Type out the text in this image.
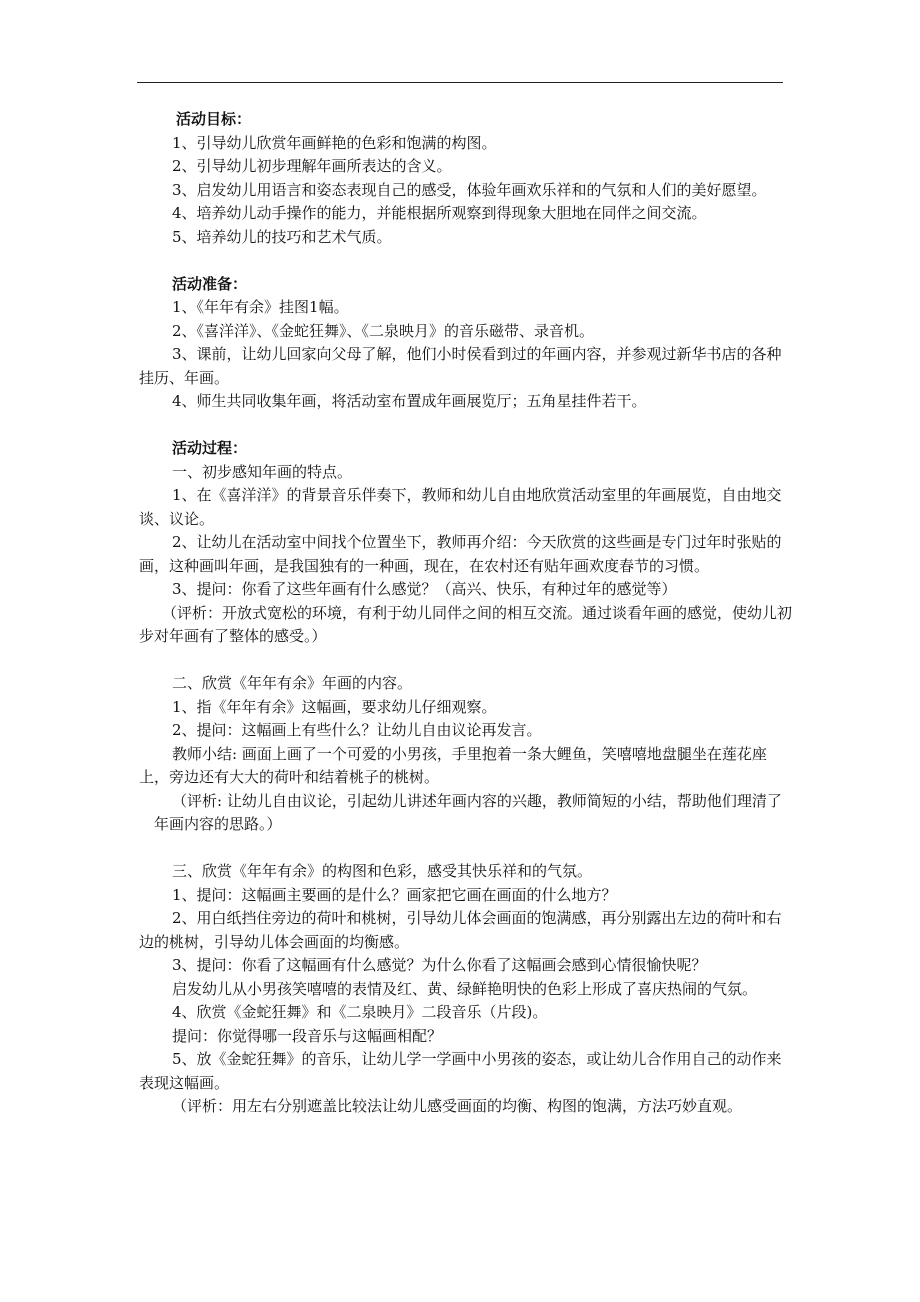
活动目标：

1、引导幼儿欣赏年画鲜艳的色彩和饱满的构图。

2、引导幼儿初步理解年画所表达的含义。

3、启发幼儿用语言和姿态表现自己的感受，体验年画欢乐祥和的气氛和人们的美好愿望。

4、培养幼儿动手操作的能力，并能根据所观察到得现象大胆地在同伴之间交流。

5、培养幼儿的技巧和艺术气质。

活动准备：

1、《年年有余》挂图1幅。

2、《喜洋洋》、《金蛇狂舞》、《二泉映月》的音乐磁带、录音机。

3、课前，让幼儿回家向父母了解，他们小时侯看到过的年画内容，并参观过新华书店的各种挂历、年画。

4、师生共同收集年画，将活动室布置成年画展览厅；五角星挂件若干。

活动过程：

一、初步感知年画的特点。

1、在《喜洋洋》的背景音乐伴奏下，教师和幼儿自由地欣赏活动室里的年画展览，自由地交谈、议论。

2、让幼儿在活动室中间找个位置坐下，教师再介绍：今天欣赏的这些画是专门过年时张贴的画，这种画叫年画，是我国独有的一种画，现在，在农村还有贴年画欢度春节的习惯。

3、提问：你看了这些年画有什么感觉？（高兴、快乐，有种过年的感觉等）

（评析：开放式宽松的环境，有利于幼儿同伴之间的相互交流。通过谈看年画的感觉，使幼儿初步对年画有了整体的感受。）

二、欣赏《年年有余》年画的内容。

1、指《年年有余》这幅画，要求幼儿仔细观察。

2、提问：这幅画上有些什么？让幼儿自由议论再发言。

教师小结: 画面上画了一个可爱的小男孩，手里抱着一条大鲤鱼，笑嘻嘻地盘腿坐在莲花座上，旁边还有大大的荷叶和结着桃子的桃树。

（评析: 让幼儿自由议论，引起幼儿讲述年画内容的兴趣，教师简短的小结，帮助他们理清了年画内容的思路。）

三、欣赏《年年有余》的构图和色彩，感受其快乐祥和的气氛。

1、提问：这幅画主要画的是什么？画家把它画在画面的什么地方？

2、用白纸挡住旁边的荷叶和桃树，引导幼儿体会画面的饱满感，再分别露出左边的荷叶和右边的桃树，引导幼儿体会画面的均衡感。

3、提问：你看了这幅画有什么感觉？为什么你看了这幅画会感到心情很愉快呢？

启发幼儿从小男孩笑嘻嘻的表情及红、黄、绿鲜艳明快的色彩上形成了喜庆热闹的气氛。

4、欣赏《金蛇狂舞》和《二泉映月》二段音乐（片段)。

提问：你觉得哪一段音乐与这幅画相配？

5、放《金蛇狂舞》的音乐，让幼儿学一学画中小男孩的姿态，或让幼儿合作用自己的动作来表现这幅画。

（评析：用左右分别遮盖比较法让幼儿感受画面的均衡、构图的饱满，方法巧妙直观。
